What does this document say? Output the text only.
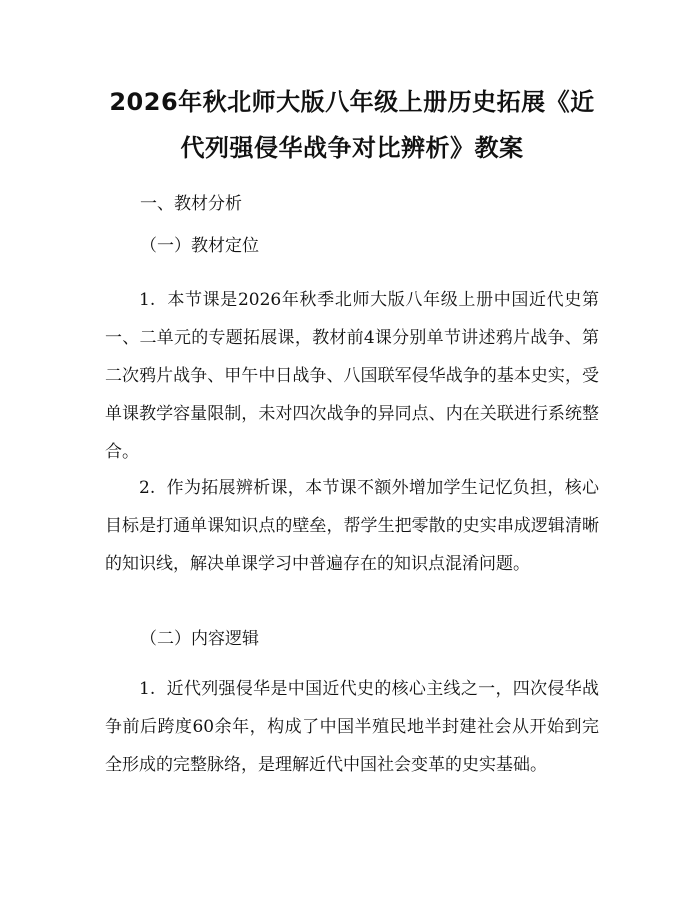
2026年秋北师大版八年级上册历史拓展《近
代列强侵华战争对比辨析》教案

一、教材分析

（一）教材定位

1.  本节课是2026年秋季北师大版八年级上册中国近代史第一、二单元的专题拓展课，教材前4课分别单节讲述鸦片战争、第二次鸦片战争、甲午中日战争、八国联军侵华战争的基本史实，受单课教学容量限制，未对四次战争的异同点、内在关联进行系统整合。

2.  作为拓展辨析课，本节课不额外增加学生记忆负担，核心目标是打通单课知识点的壁垒，帮学生把零散的史实串成逻辑清晰的知识线，解决单课学习中普遍存在的知识点混淆问题。

（二）内容逻辑

1.  近代列强侵华是中国近代史的核心主线之一，四次侵华战争前后跨度60余年，构成了中国半殖民地半封建社会从开始到完全形成的完整脉络，是理解近代中国社会变革的史实基础。
